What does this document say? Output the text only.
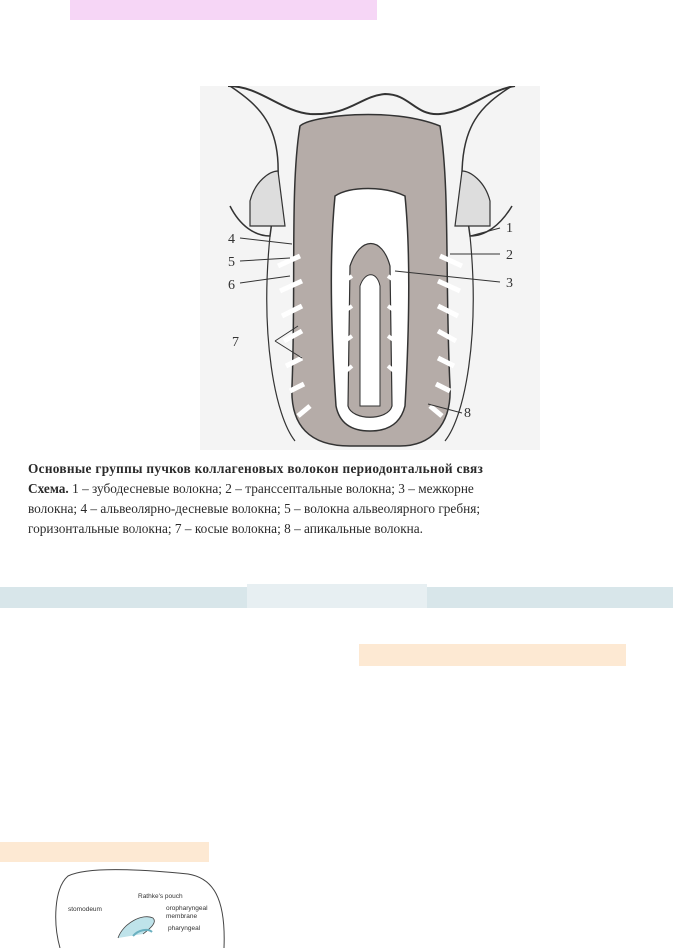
1
2
3
4
5
6
7
8
Основные группы пучков коллагеновых волокон периодонтальной связ
Схема. 1 – зубодесневые волокна; 2 – транссептальные волокна; 3 – межкорне
волокна; 4 – альвеолярно-десневые волокна; 5 – волокна альвеолярного гребня;
горизонтальные волокна; 7 – косые волокна; 8 – апикальные волокна.
Rathke's pouch
stomodeum	oropharyngeal
membrane
pharyngeal
